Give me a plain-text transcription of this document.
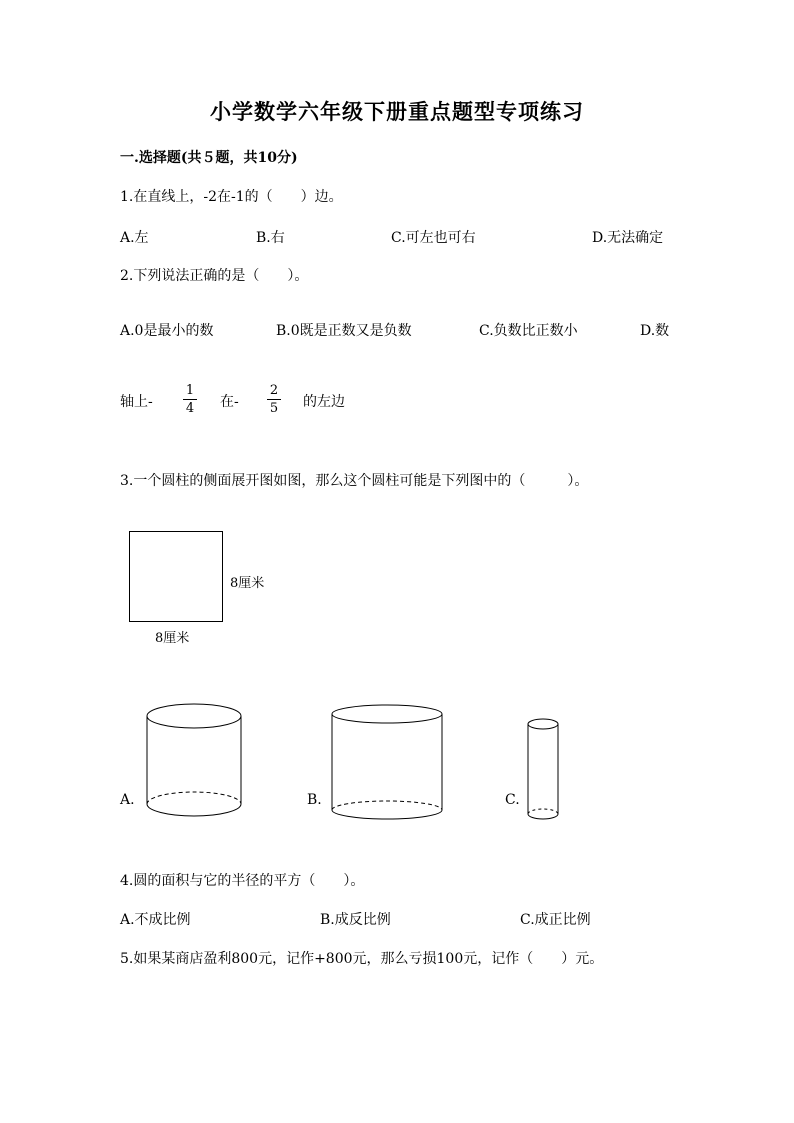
小学数学六年级下册重点题型专项练习
一.选择题(共５题，共10分)
1.在直线上，-2在-1的（　　）边。
A.左	B.右	C.可左也可右	D.无法确定
2.下列说法正确的是（　　）。
A.0是最小的数	B.0既是正数又是负数	C.负数比正数小	D.数
轴上- $\frac{1}{4}$ 在- $\frac{2}{5}$ 的左边
3.一个圆柱的侧面展开图如图，那么这个圆柱可能是下列图中的（　　　）。
8厘米
8厘米
A.	B.	C.
4.圆的面积与它的半径的平方（　　）。
A.不成比例	B.成反比例	C.成正比例
5.如果某商店盈利800元，记作+800元，那么亏损100元，记作（　　）元。
